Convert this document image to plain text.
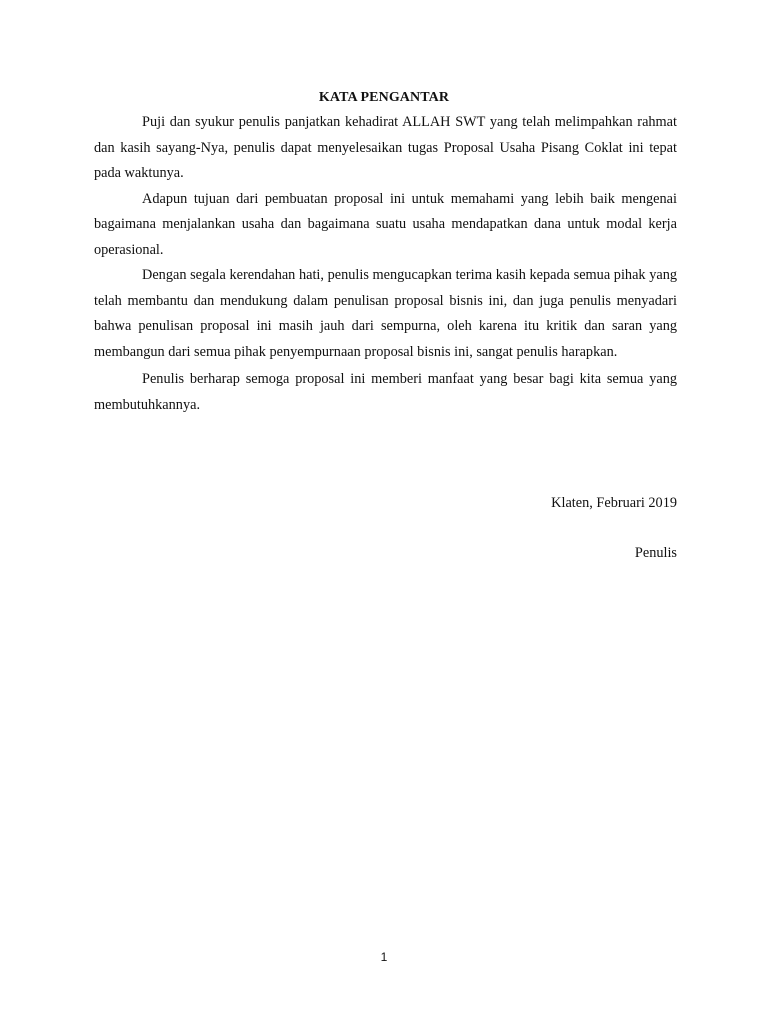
KATA PENGANTAR

Puji dan syukur penulis panjatkan kehadirat ALLAH SWT yang telah melimpahkan rahmat dan kasih sayang-Nya, penulis dapat menyelesaikan tugas Proposal Usaha Pisang Coklat ini tepat pada waktunya.

Adapun tujuan dari pembuatan proposal ini untuk memahami yang lebih baik mengenai bagaimana menjalankan usaha dan bagaimana suatu usaha mendapatkan dana untuk modal kerja operasional.

Dengan segala kerendahan hati, penulis mengucapkan terima kasih kepada semua pihak yang telah membantu dan mendukung dalam penulisan proposal bisnis ini, dan juga penulis menyadari bahwa penulisan proposal ini masih jauh dari sempurna, oleh karena itu kritik dan saran yang membangun dari semua pihak penyempurnaan proposal bisnis ini, sangat penulis harapkan.

Penulis berharap semoga proposal ini memberi manfaat yang besar bagi kita semua yang membutuhkannya.

Klaten, Februari 2019
Penulis
1
